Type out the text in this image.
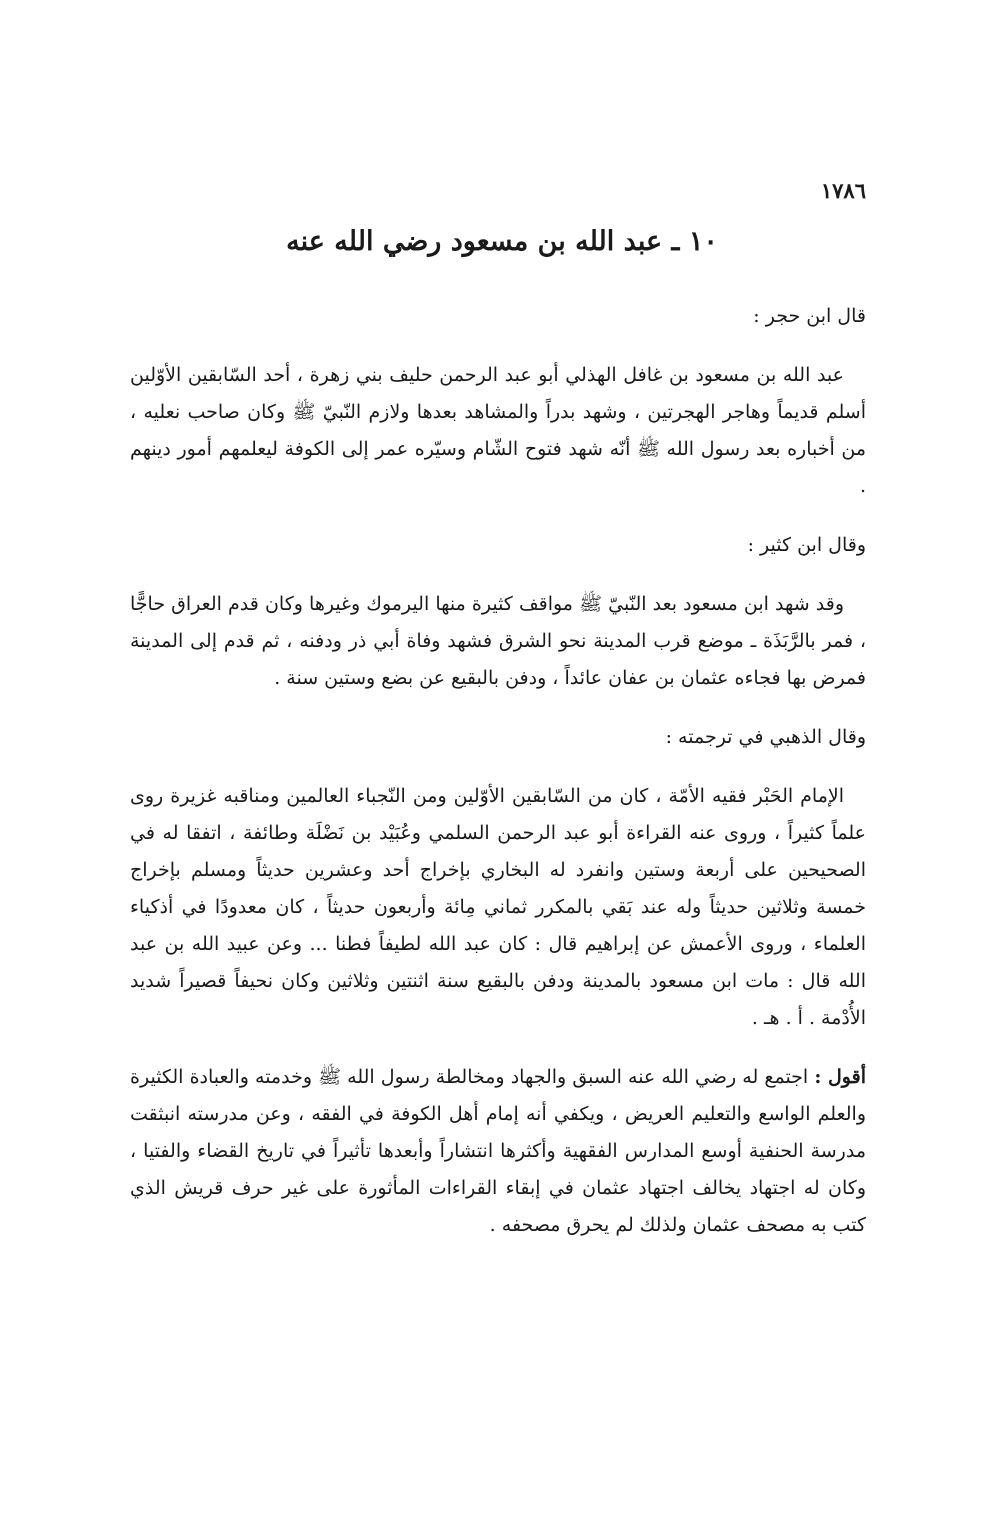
١٧٨٦
١٠ ـ عبد الله بن مسعود رضي الله عنه

قال ابن حجر :

عبد الله بن مسعود بن غافل الهذلي أبو عبد الرحمن حليف بني زهرة ، أحد السّابقين الأوّلين أسلم قديماً وهاجر الهجرتين ، وشهد بدراً والمشاهد بعدها ولازم النّبيّ ﷺ وكان صاحب نعليه ، من أخباره بعد رسول الله ﷺ أنّه شهد فتوح الشّام وسيّره عمر إلى الكوفة ليعلمهم أمور دينهم .

وقال ابن كثير :

وقد شهد ابن مسعود بعد النّبيّ ﷺ مواقف كثيرة منها اليرموك وغيرها وكان قدم العراق حاجًّا ، فمر بالرَّبَذَة ـ موضع قرب المدينة نحو الشرق فشهد وفاة أبي ذر ودفنه ، ثم قدم إلى المدينة فمرض بها فجاءه عثمان بن عفان عائداً ، ودفن بالبقيع عن بضع وستين سنة .

وقال الذهبي في ترجمته :

الإمام الحَبْر فقيه الأمّة ، كان من السّابقين الأوّلين ومن النّجباء العالمين ومناقبه غزيرة روى علماً كثيراً ، وروى عنه القراءة أبو عبد الرحمن السلمي وعُبَيْد بن نَضْلَة وطائفة ، اتفقا له في الصحيحين على أربعة وستين وانفرد له البخاري بإخراج أحد وعشرين حديثاً ومسلم بإخراج خمسة وثلاثين حديثاً وله عند بَقي بالمكرر ثماني مِائة وأربعون حديثاً ، كان معدودًا في أذكياء العلماء ، وروى الأعمش عن إبراهيم قال : كان عبد الله لطيفاً فطنا ... وعن عبيد الله بن عبد الله قال : مات ابن مسعود بالمدينة ودفن بالبقيع سنة اثنتين وثلاثين وكان نحيفاً قصيراً شديد الأُدْمة . أ . هـ .

أقول : اجتمع له رضي الله عنه السبق والجهاد ومخالطة رسول الله ﷺ وخدمته والعبادة الكثيرة والعلم الواسع والتعليم العريض ، ويكفي أنه إمام أهل الكوفة في الفقه ، وعن مدرسته انبثقت مدرسة الحنفية أوسع المدارس الفقهية وأكثرها انتشاراً وأبعدها تأثيراً في تاريخ القضاء والفتيا ، وكان له اجتهاد يخالف اجتهاد عثمان في إبقاء القراءات المأثورة على غير حرف قريش الذي كتب به مصحف عثمان ولذلك لم يحرق مصحفه .
